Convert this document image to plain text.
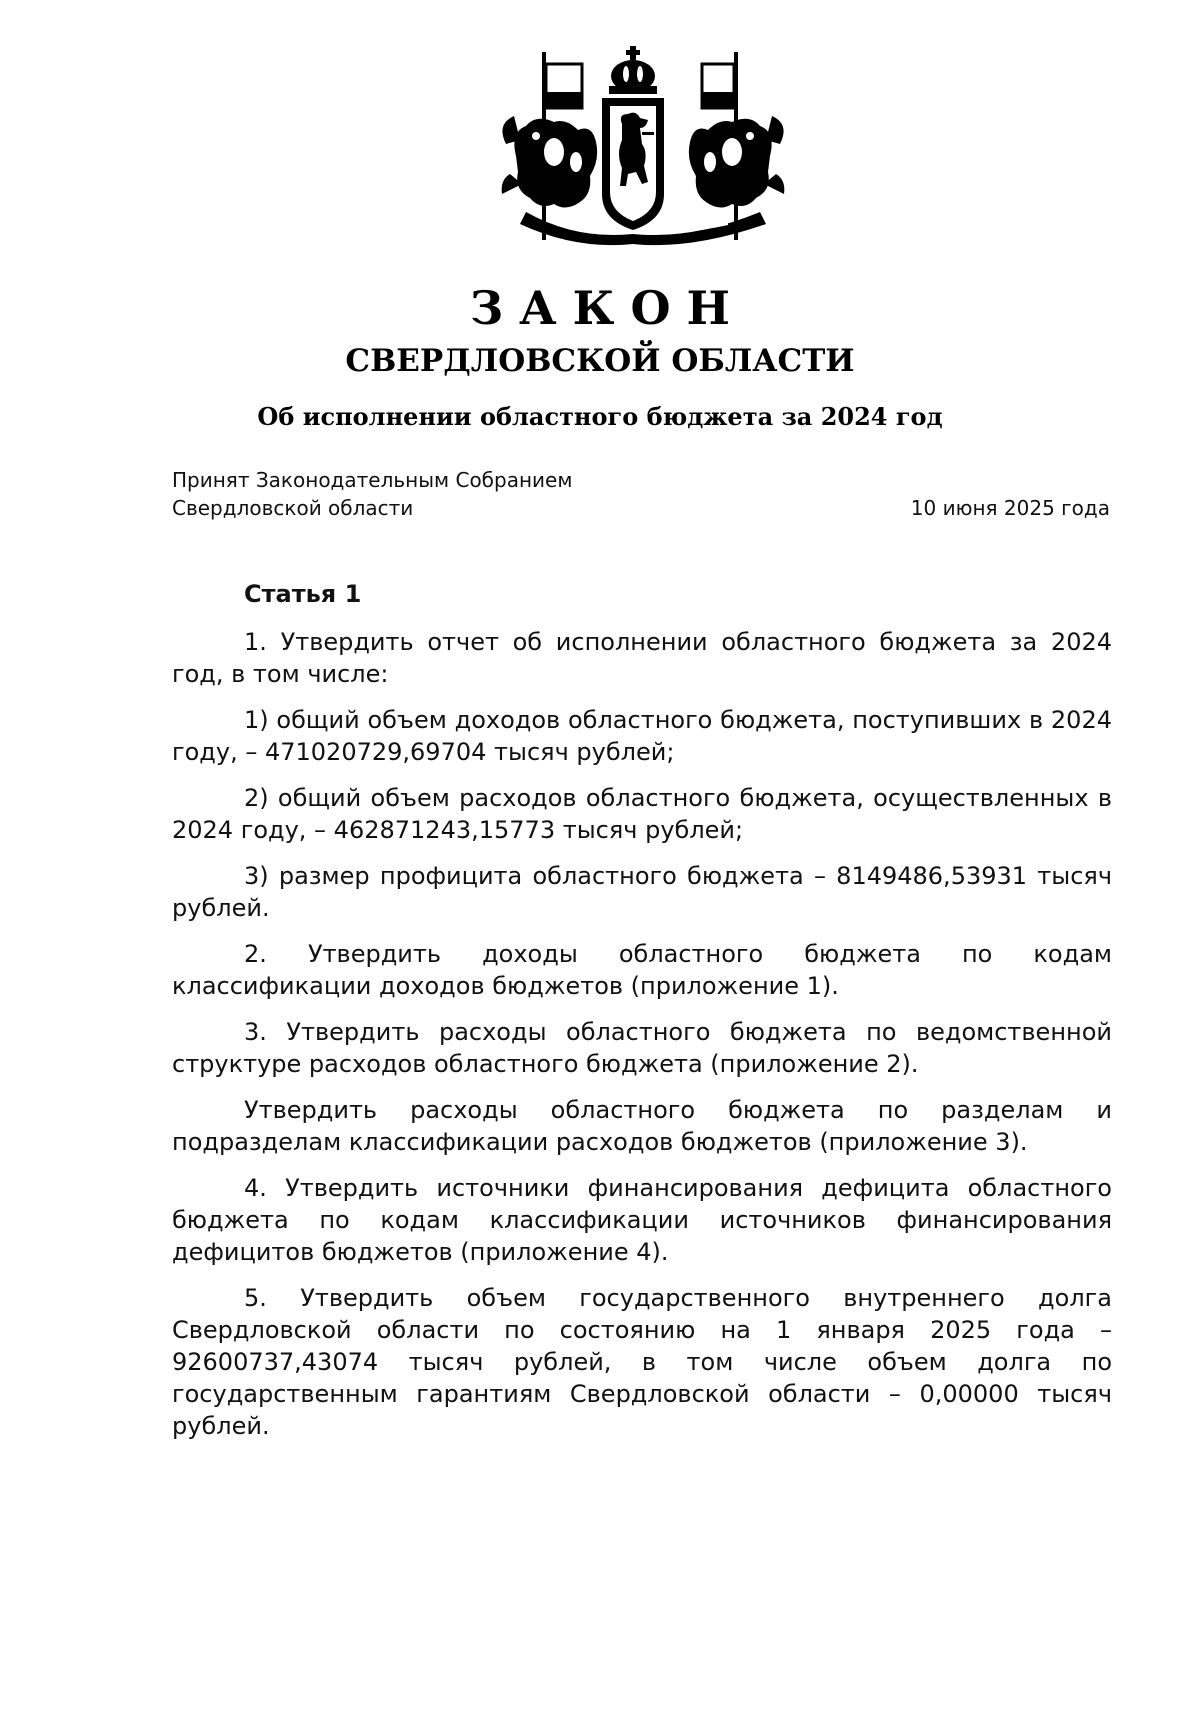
ЗАКОН
СВЕРДЛОВСКОЙ ОБЛАСТИ
Об исполнении областного бюджета за 2024 год
Принят Законодательным Собранием
Свердловской области	10 июня 2025 года
Статья 1

1. Утвердить отчет об исполнении областного бюджета за 2024 год, в том числе:

1) общий объем доходов областного бюджета, поступивших в 2024 году, – 471020729,69704 тысяч рублей;

2) общий объем расходов областного бюджета, осуществленных в 2024 году, – 462871243,15773 тысяч рублей;

3) размер профицита областного бюджета – 8149486,53931 тысяч рублей.

2. Утвердить доходы областного бюджета по кодам классификации доходов бюджетов (приложение 1).

3. Утвердить расходы областного бюджета по ведомственной структуре расходов областного бюджета (приложение 2).

Утвердить расходы областного бюджета по разделам и подразделам классификации расходов бюджетов (приложение 3).

4. Утвердить источники финансирования дефицита областного бюджета по кодам классификации источников финансирования дефицитов бюджетов (приложение 4).

5. Утвердить объем государственного внутреннего долга Свердловской области по состоянию на 1 января 2025 года – 92600737,43074 тысяч рублей, в том числе объем долга по государственным гарантиям Свердловской области – 0,00000 тысяч рублей.
